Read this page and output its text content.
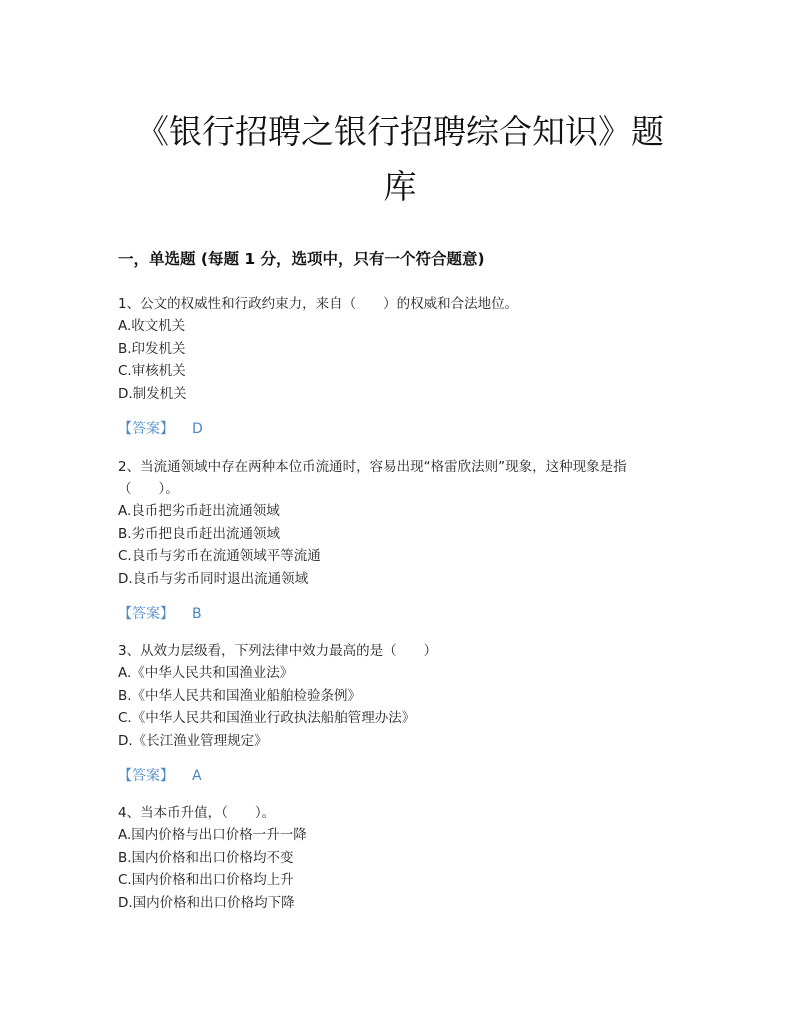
《银行招聘之银行招聘综合知识》题
库
一，单选题 (每题 1 分，选项中，只有一个符合题意)

1、公文的权威性和行政约束力，来自（　　）的权威和合法地位。

A.收文机关

B.印发机关

C.审核机关

D.制发机关

【答案】 D

2、当流通领域中存在两种本位币流通时，容易出现“格雷欣法则”现象，这种现象是指（　　）。

A.良币把劣币赶出流通领域

B.劣币把良币赶出流通领域

C.良币与劣币在流通领域平等流通

D.良币与劣币同时退出流通领域

【答案】 B

3、从效力层级看，下列法律中效力最高的是（　　）

A.《中华人民共和国渔业法》

B.《中华人民共和国渔业船舶检验条例》

C.《中华人民共和国渔业行政执法船舶管理办法》

D.《长江渔业管理规定》

【答案】 A

4、当本币升值，（　　）。

A.国内价格与出口价格一升一降

B.国内价格和出口价格均不变

C.国内价格和出口价格均上升

D.国内价格和出口价格均下降
